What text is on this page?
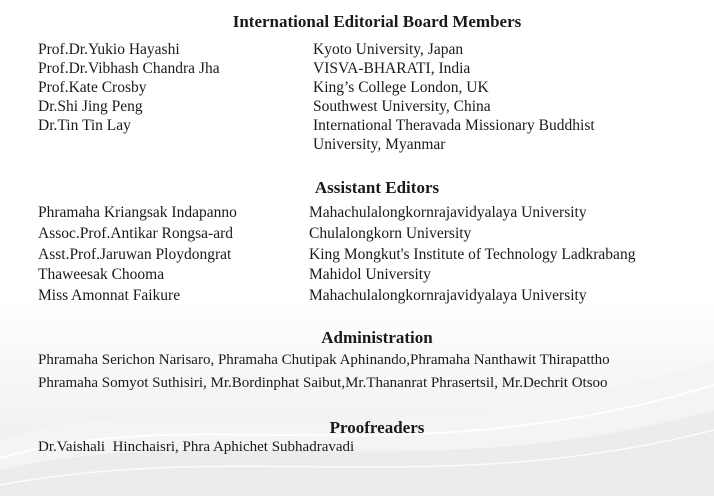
International Editorial Board Members
Prof.Dr.Yukio Hayashi	Kyoto University, Japan
Prof.Dr.Vibhash Chandra Jha	VISVA-BHARATI, India
Prof.Kate Crosby	King’s College London, UK
Dr.Shi Jing Peng	Southwest University, China
Dr.Tin Tin Lay	International Theravada Missionary Buddhist
University, Myanmar
Assistant Editors
Phramaha Kriangsak Indapanno	Mahachulalongkornrajavidyalaya University
Assoc.Prof.Antikar Rongsa-ard	Chulalongkorn University
Asst.Prof.Jaruwan Ploydongrat	King Mongkut's Institute of Technology Ladkrabang
Thaweesak Chooma	Mahidol University
Miss Amonnat Faikure	Mahachulalongkornrajavidyalaya University
Administration
Phramaha Serichon Narisaro, Phramaha Chutipak Aphinando,Phramaha Nanthawit Thirapattho
Phramaha Somyot Suthisiri, Mr.Bordinphat Saibut,Mr.Thananrat Phrasertsil, Mr.Dechrit Otsoo
Proofreaders
Dr.Vaishali  Hinchaisri, Phra Aphichet Subhadravadi
